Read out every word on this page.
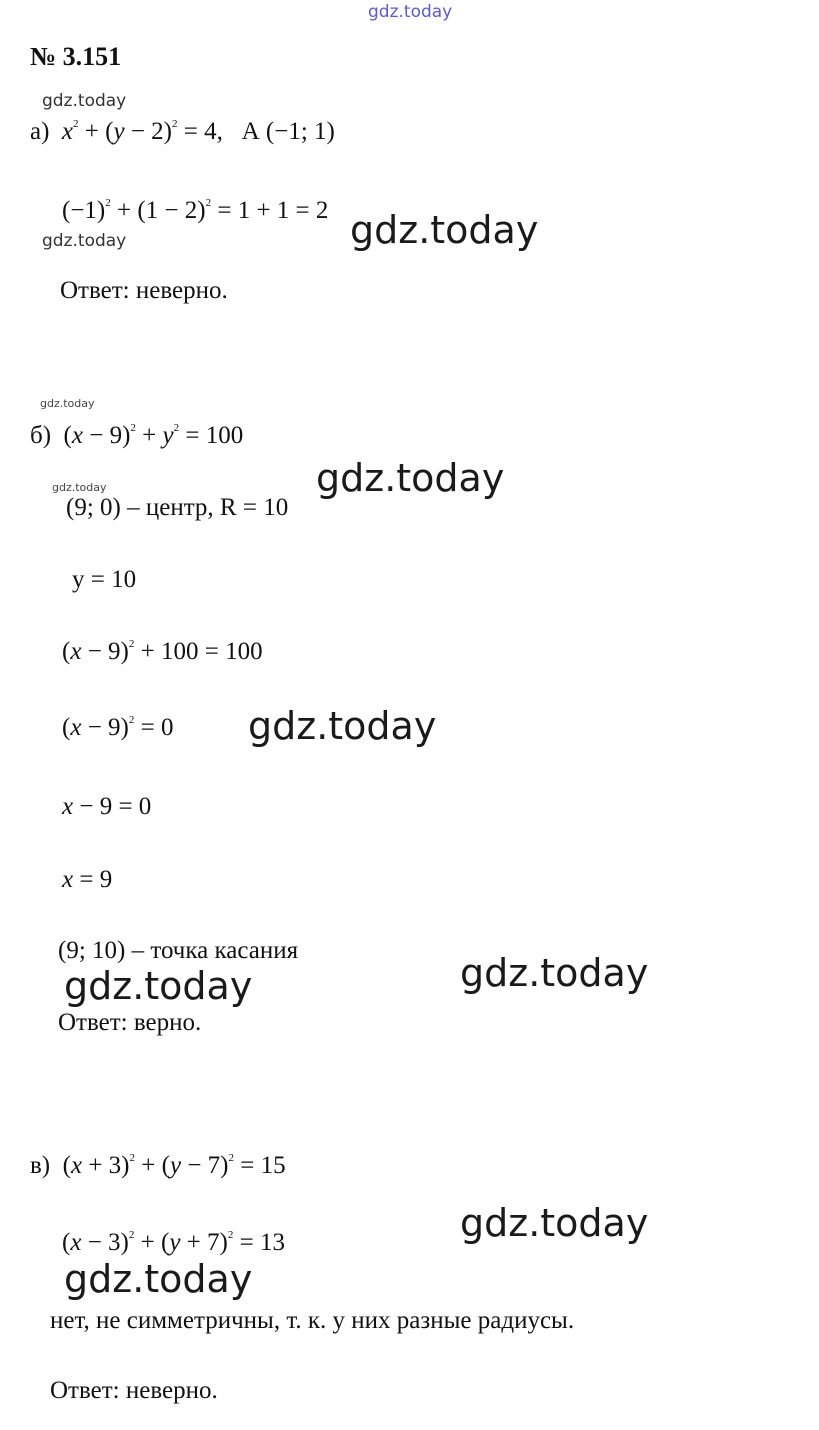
gdz.today
№ 3.151
gdz.today
а) $x^2 + (y - 2)^2 = 4$,   А (−1; 1)
$(-1)^2 + (1 - 2)^2 = 1 + 1 = 2$
gdz.today	gdz.today
Ответ: неверно.
gdz.today
б)  $(x - 9)^2 + y^2 = 100$
gdz.today	gdz.today
(9; 0) – центр, R = 10
y = 10
$(x - 9)^2 + 100 = 100$
$(x - 9)^2 = 0$ gdz.today
x − 9 = 0
x = 9
(9; 10) – точка касания
gdz.today
gdz.today
Ответ: верно.
в)  $(x + 3)^2 + (y - 7)^2 = 15$
gdz.today
$(x - 3)^2 + (y + 7)^2 = 13$
gdz.today
нет, не симметричны, т. к. у них разные радиусы.
Ответ: неверно.
